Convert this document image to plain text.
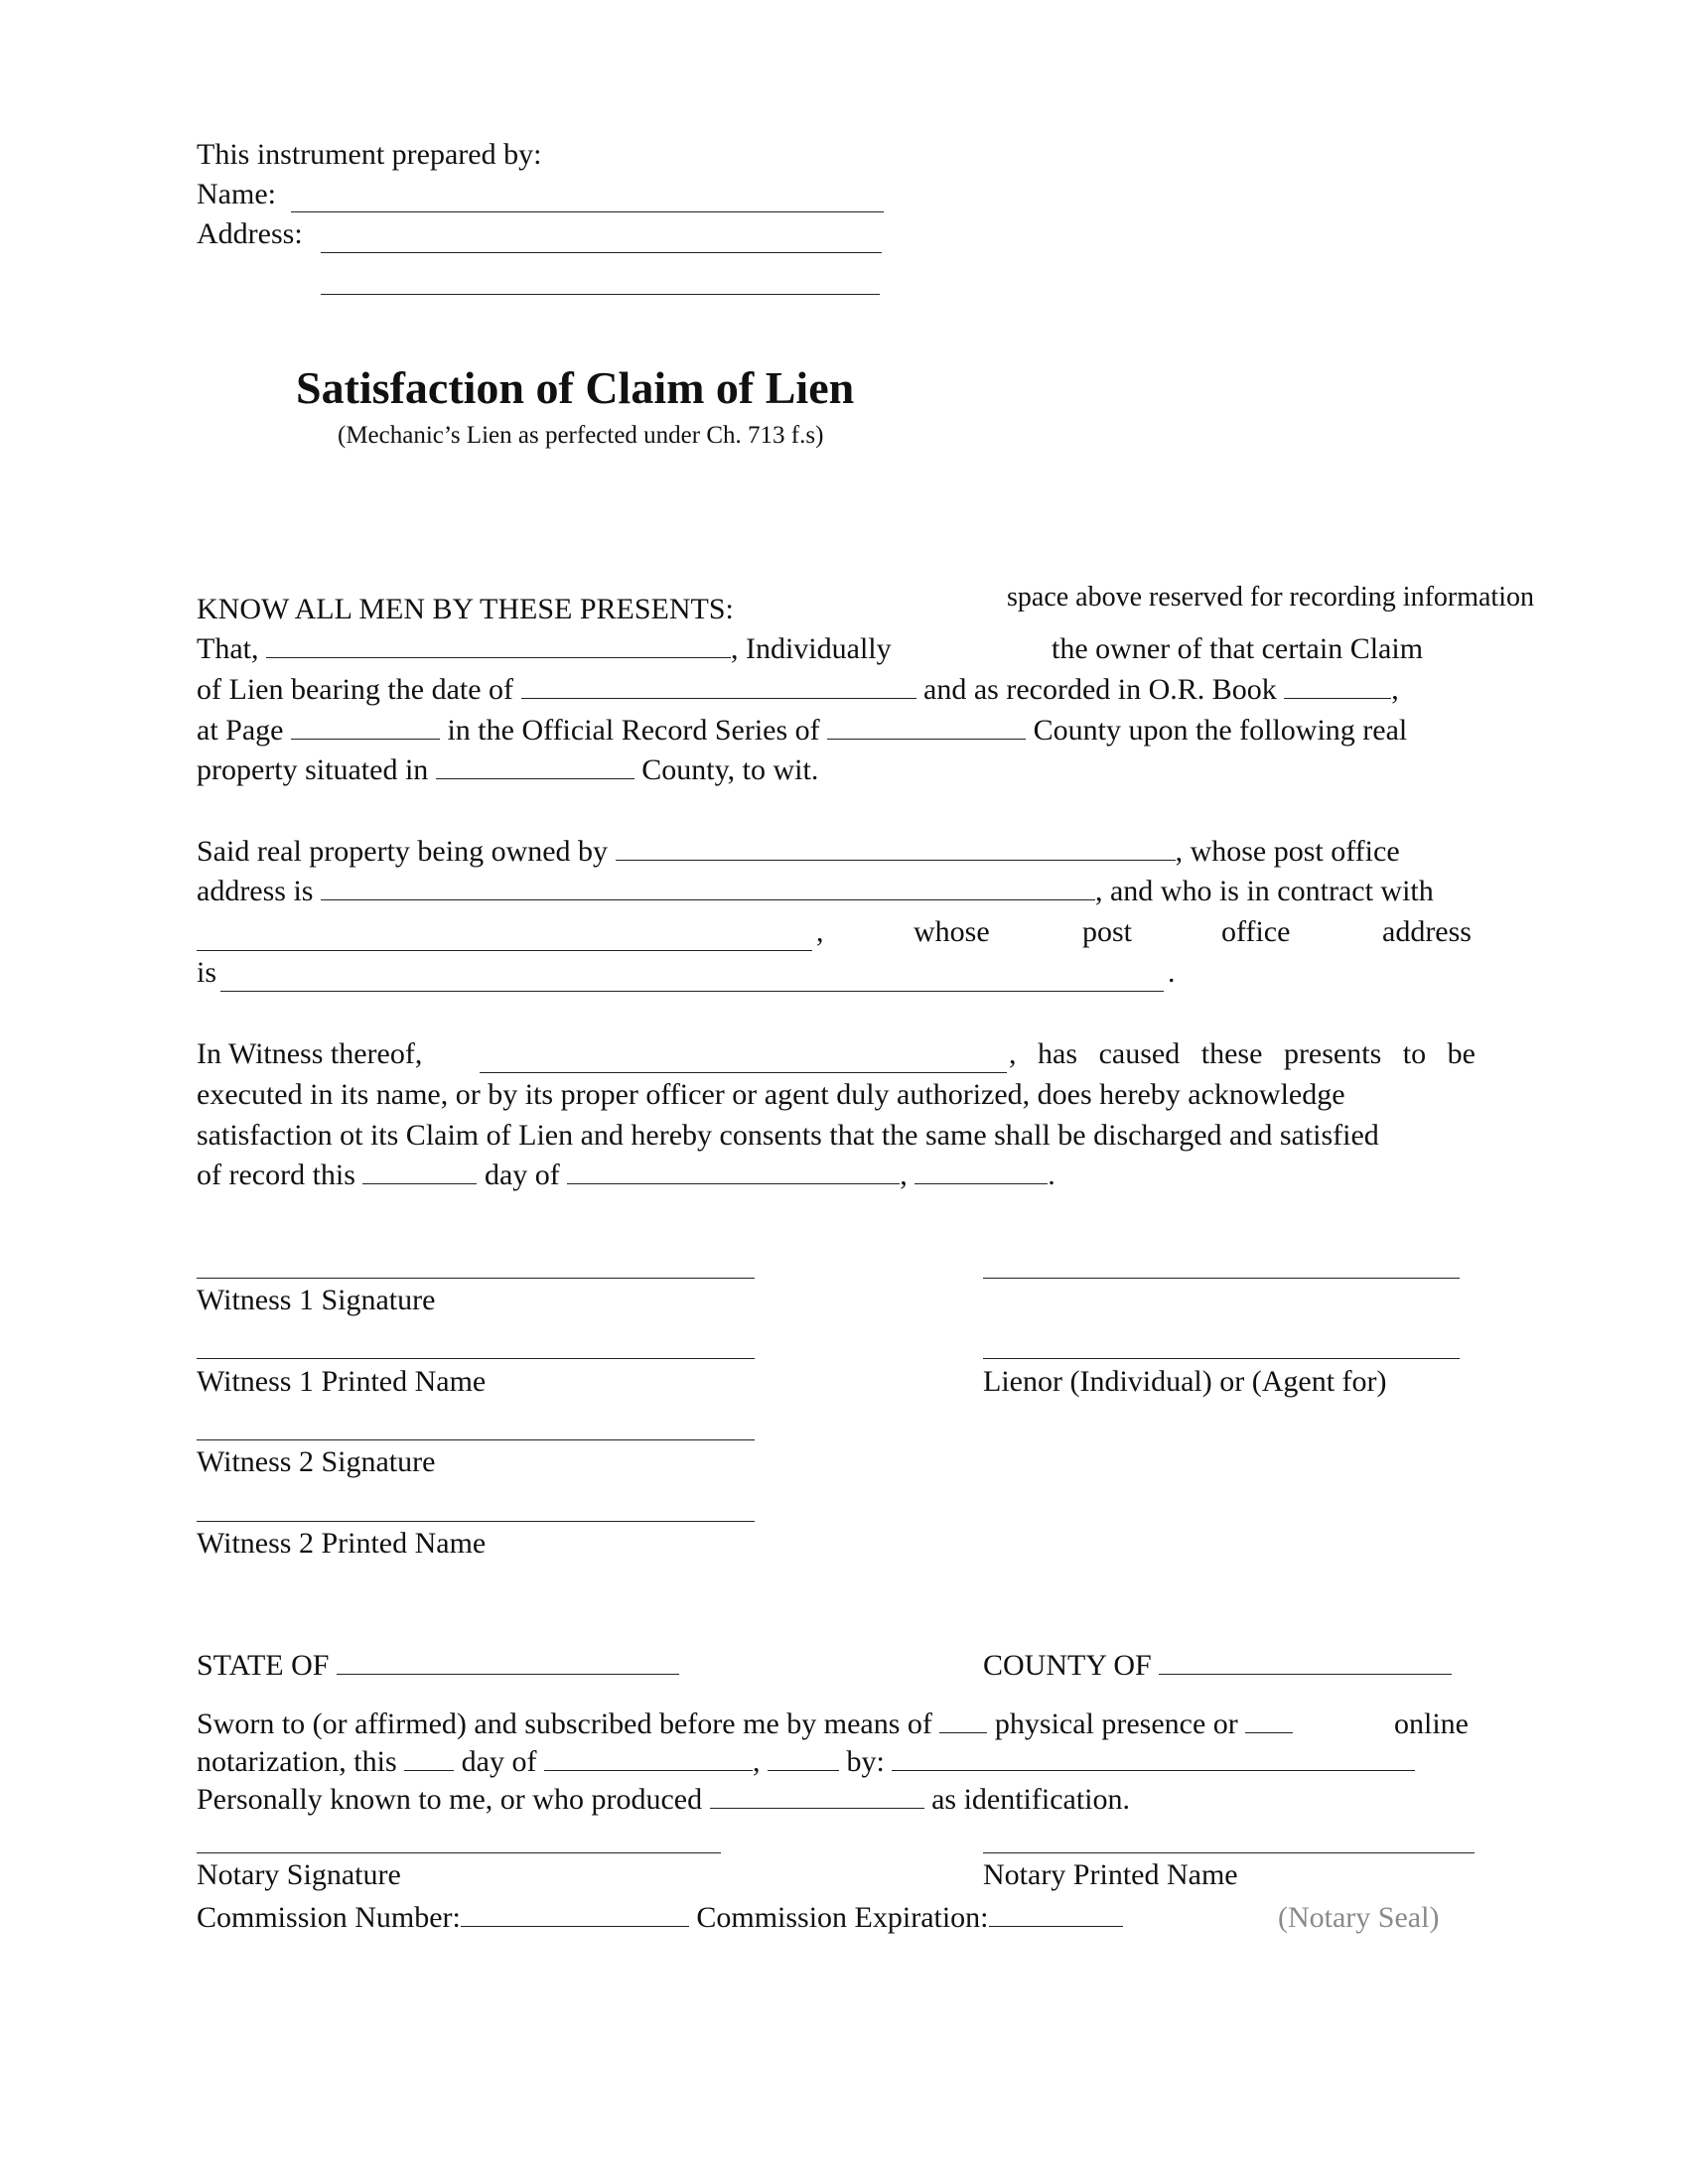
This instrument prepared by:
Name:
Address:
Satisfaction of Claim of Lien
(Mechanic’s Lien as perfected under Ch. 713 f.s)
space above reserved for recording information
KNOW ALL MEN BY THESE PRESENTS:
That,	, Individually	the owner of that certain Claim
of Lien bearing the date of	and as recorded in O.R. Book	,
at Page	in the Official Record Series of	County upon the following real
property situated in	County, to wit.
Said real property being owned by	, whose post office
address is	, and who is in contract with
,	whose	post	office	address
is	.
In Witness thereof,	, has caused these presents to be
executed in its name, or by its proper officer or agent duly authorized, does hereby acknowledge
satisfaction ot its Claim of Lien and hereby consents that the same shall be discharged and satisfied
of record this	day of	,	.
Witness 1 Signature
Witness 1 Printed Name	Lienor (Individual) or (Agent for)
Witness 2 Signature
Witness 2 Printed Name
STATE OF	COUNTY OF
Sworn to (or affirmed) and subscribed before me by means of physical presence or	online
notarization, this day of	,	by:
Personally known to me, or who produced	as identification.
Notary Signature	Notary Printed Name
Commission Number:	Commission Expiration:	(Notary Seal)
